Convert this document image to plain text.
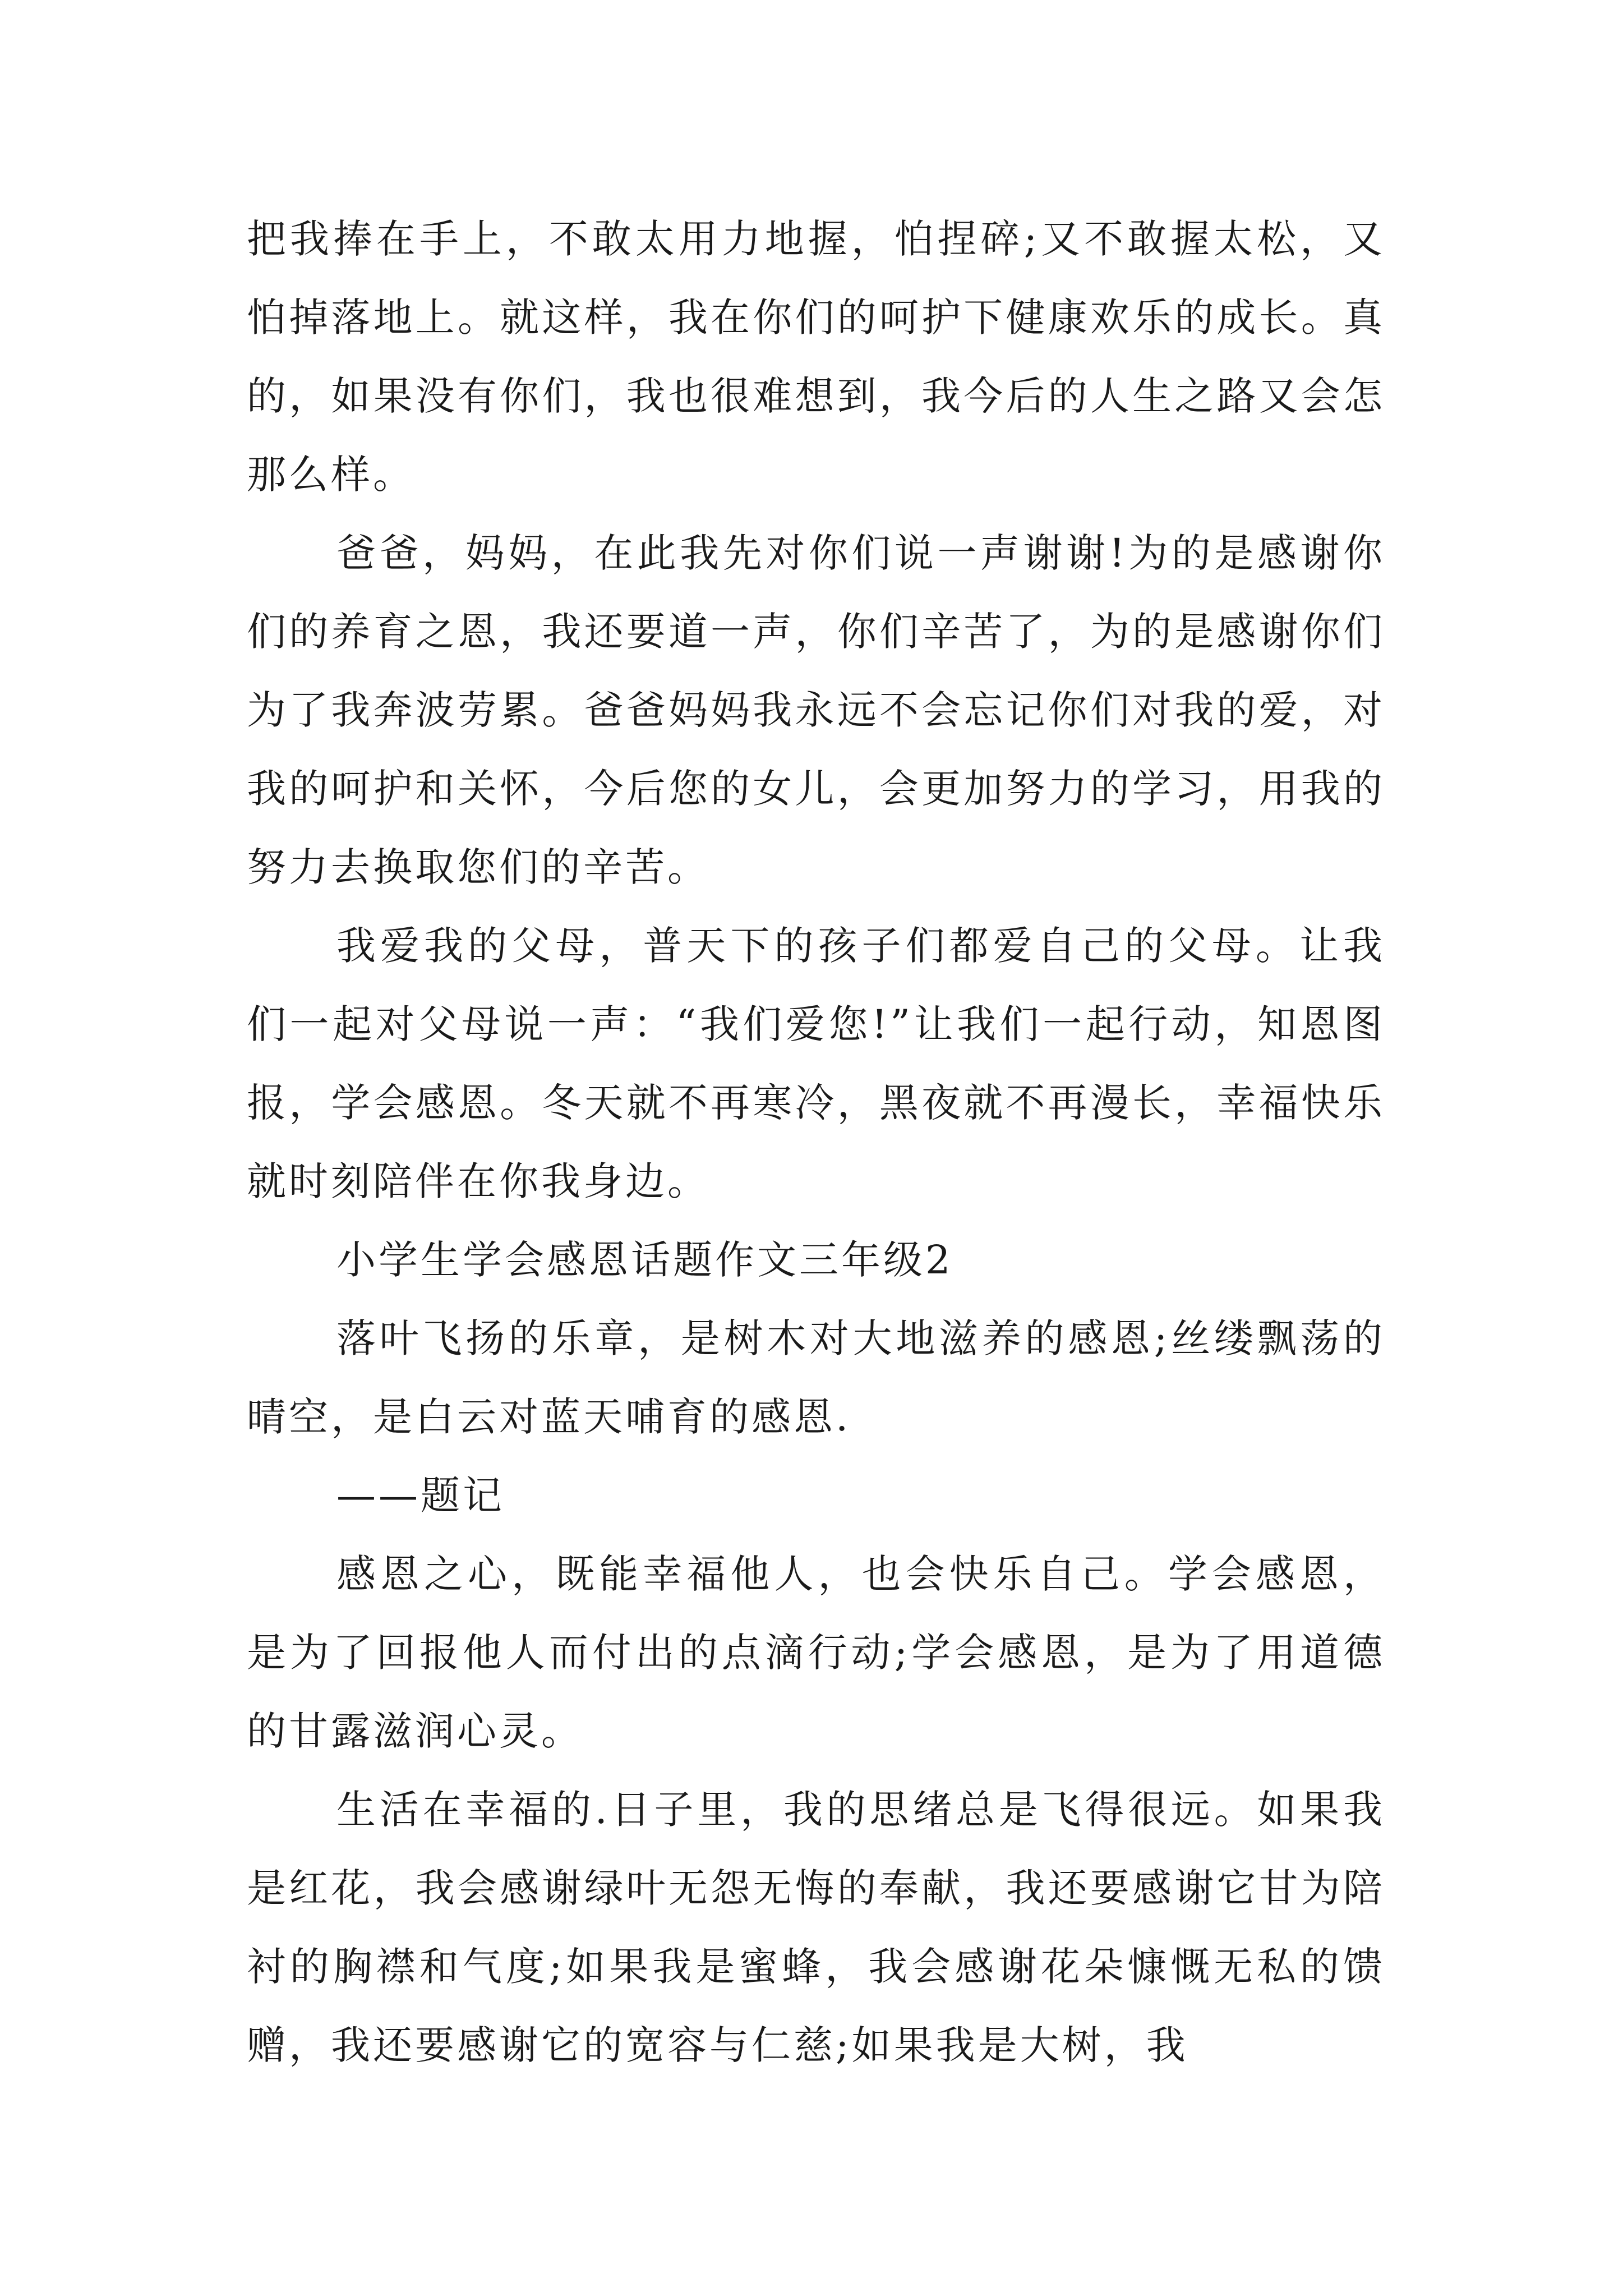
把我捧在手上，不敢太用力地握，怕捏碎;又不敢握太松，又怕掉落地上。就这样，我在你们的呵护下健康欢乐的成长。真的，如果没有你们，我也很难想到，我今后的人生之路又会怎那么样。

爸爸，妈妈，在此我先对你们说一声谢谢!为的是感谢你们的养育之恩，我还要道一声，你们辛苦了，为的是感谢你们为了我奔波劳累。爸爸妈妈我永远不会忘记你们对我的爱，对我的呵护和关怀，今后您的女儿，会更加努力的学习，用我的努力去换取您们的辛苦。

我爱我的父母，普天下的孩子们都爱自己的父母。让我们一起对父母说一声：“我们爱您!”让我们一起行动，知恩图报，学会感恩。冬天就不再寒冷，黑夜就不再漫长，幸福快乐就时刻陪伴在你我身边。

小学生学会感恩话题作文三年级2

落叶飞扬的乐章，是树木对大地滋养的感恩;丝缕飘荡的晴空，是白云对蓝天哺育的感恩.

——题记

感恩之心，既能幸福他人，也会快乐自己。学会感恩，是为了回报他人而付出的点滴行动;学会感恩，是为了用道德的甘露滋润心灵。

生活在幸福的.日子里，我的思绪总是飞得很远。如果我是红花，我会感谢绿叶无怨无悔的奉献，我还要感谢它甘为陪衬的胸襟和气度;如果我是蜜蜂，我会感谢花朵慷慨无私的馈赠，我还要感谢它的宽容与仁慈;如果我是大树，我
